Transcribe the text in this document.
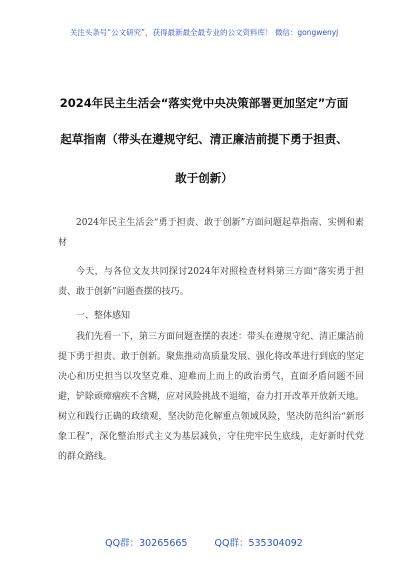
关注头条号“公文研究”，获得最新最全最专业的公文资料库！ 微信：gongwenyj
2024年民主生活会“落实党中央决策部署更加坚定”方面
起草指南（带头在遵规守纪、清正廉洁前提下勇于担责、
敢于创新）

2024年民主生活会“勇于担责、敢于创新”方面问题起草指南、实例和素材

今天，与各位文友共同探讨2024年对照检查材料第三方面“落实勇于担责、敢于创新”问题查摆的技巧。

一、整体感知

我们先看一下，第三方面问题查摆的表述：带头在遵规守纪、清正廉洁前提下勇于担责、敢于创新。聚焦推动高质量发展、强化将改革进行到底的坚定决心和历史担当以攻坚克难、迎难而上而上的政治勇气，直面矛盾问题不回避，铲除顽瘴痼疾不含糊，应对风险挑战不退缩，奋力打开改革开放新天地。树立和践行正确的政绩观，坚决防范化解重点领域风险，坚决防范纠治“新形象工程”，深化整治形式主义为基层减负，守住兜牢民生底线，走好新时代党的群众路线。

QQ群：30265665	QQ群：535304092
